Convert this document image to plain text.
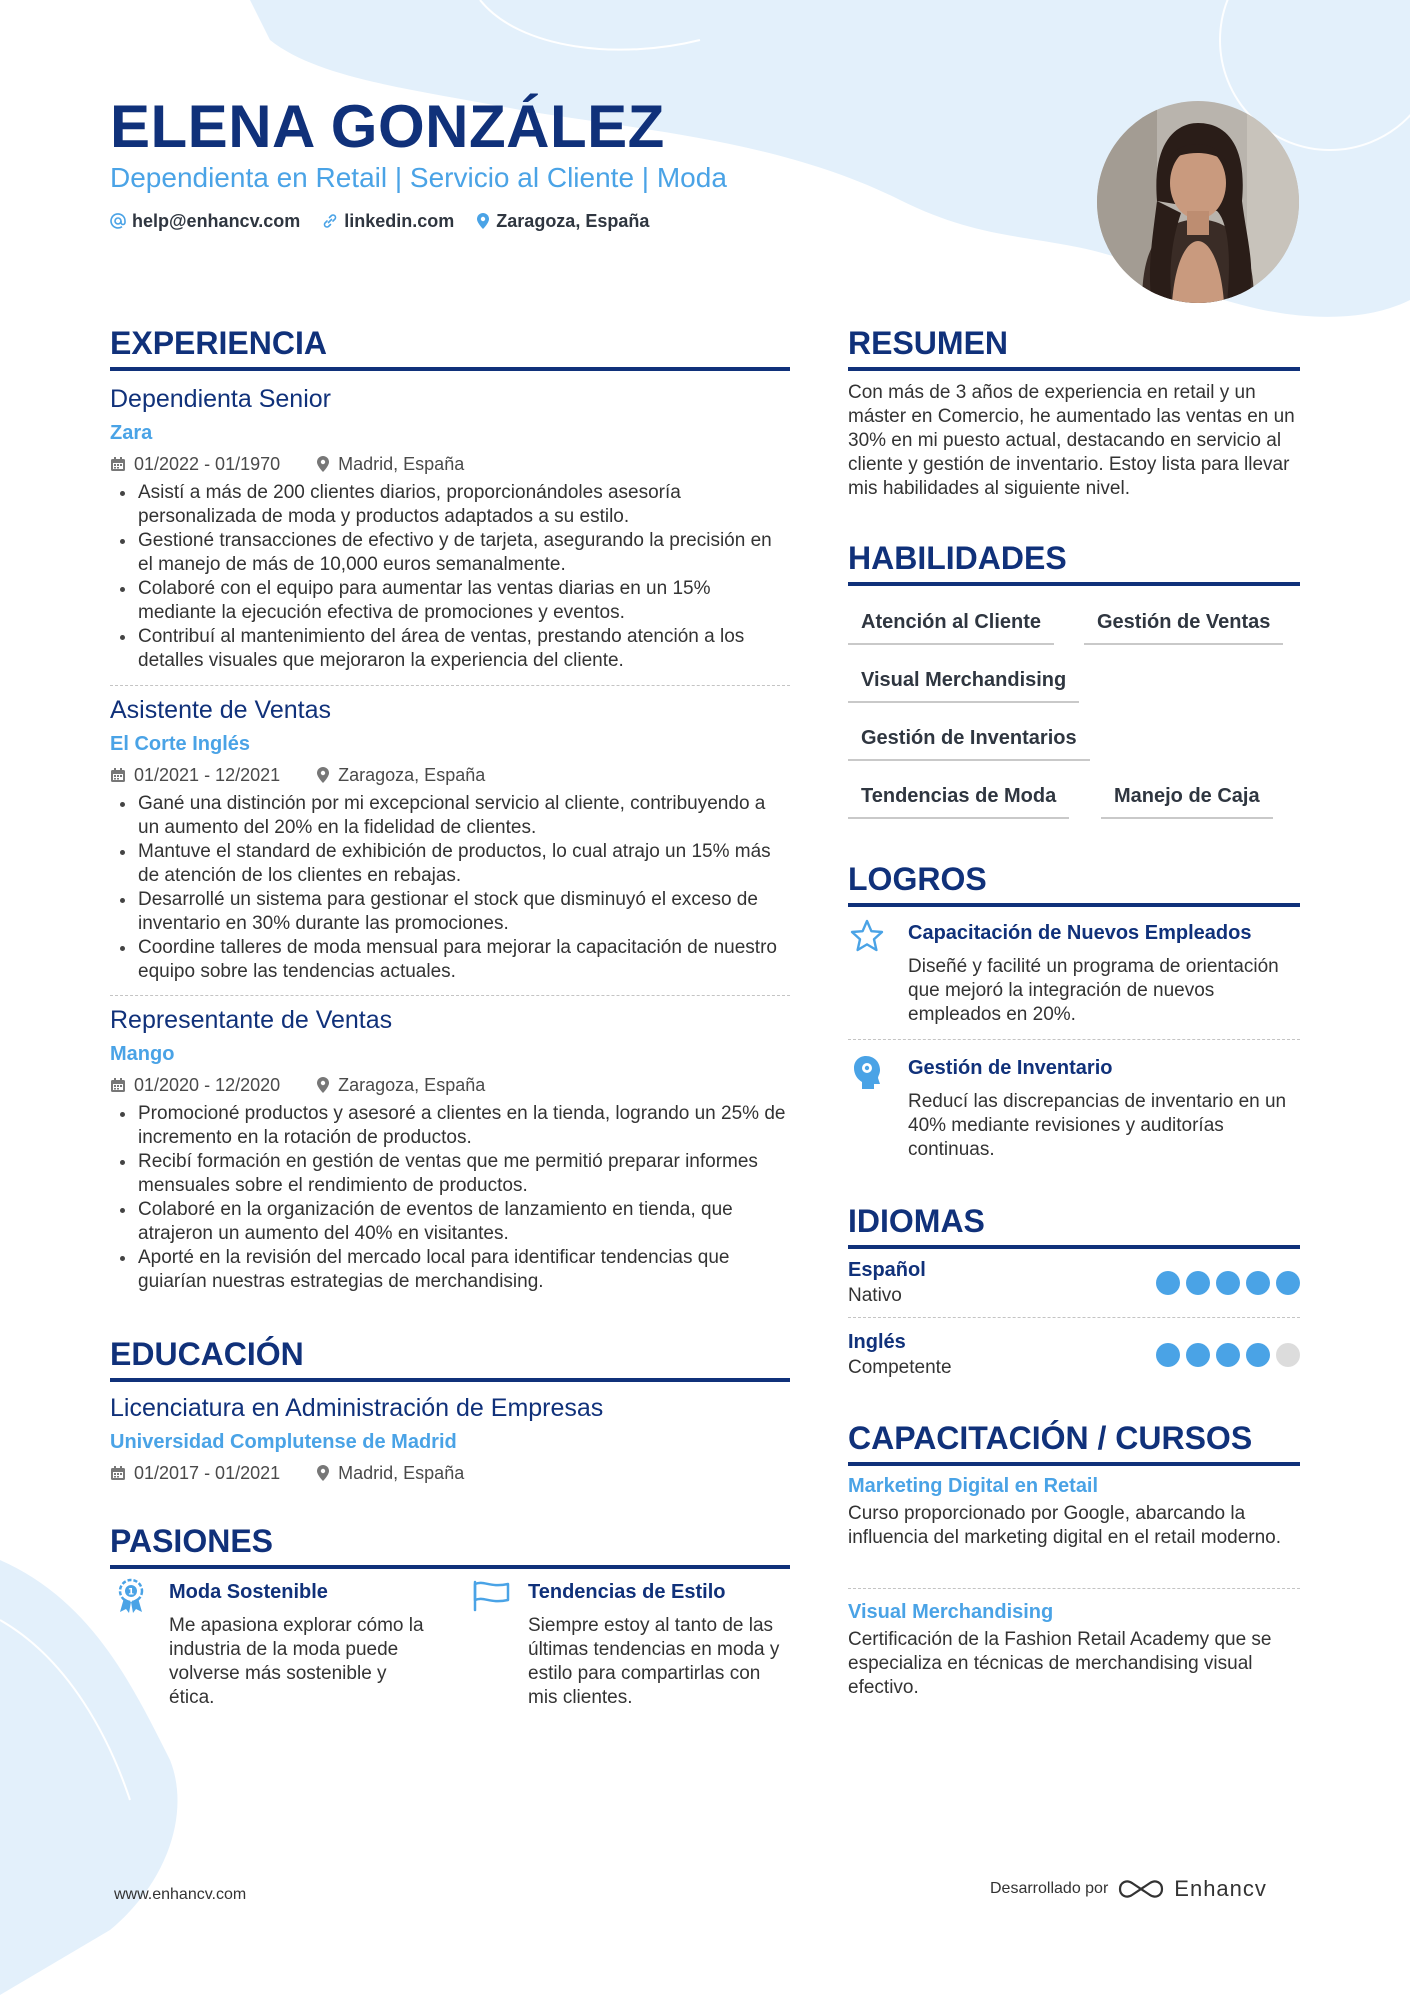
ELENA GONZÁLEZ
Dependienta en Retail | Servicio al Cliente | Moda
help@enhancv.com linkedin.com Zaragoza, España
EXPERIENCIA
Dependienta Senior
Zara
01/2022 - 01/1970	Madrid, España
Asistí a más de 200 clientes diarios, proporcionándoles asesoría personalizada de moda y productos adaptados a su estilo.
Gestioné transacciones de efectivo y de tarjeta, asegurando la precisión en el manejo de más de 10,000 euros semanalmente.
Colaboré con el equipo para aumentar las ventas diarias en un 15% mediante la ejecución efectiva de promociones y eventos.
Contribuí al mantenimiento del área de ventas, prestando atención a los detalles visuales que mejoraron la experiencia del cliente.
Asistente de Ventas
El Corte Inglés
01/2021 - 12/2021	Zaragoza, España
Gané una distinción por mi excepcional servicio al cliente, contribuyendo a un aumento del 20% en la fidelidad de clientes.
Mantuve el standard de exhibición de productos, lo cual atrajo un 15% más de atención de los clientes en rebajas.
Desarrollé un sistema para gestionar el stock que disminuyó el exceso de inventario en 30% durante las promociones.
Coordine talleres de moda mensual para mejorar la capacitación de nuestro equipo sobre las tendencias actuales.
Representante de Ventas
Mango
01/2020 - 12/2020	Zaragoza, España
Promocioné productos y asesoré a clientes en la tienda, logrando un 25% de incremento en la rotación de productos.
Recibí formación en gestión de ventas que me permitió preparar informes mensuales sobre el rendimiento de productos.
Colaboré en la organización de eventos de lanzamiento en tienda, que atrajeron un aumento del 40% en visitantes.
Aporté en la revisión del mercado local para identificar tendencias que guiarían nuestras estrategias de merchandising.
EDUCACIÓN
Licenciatura en Administración de Empresas
Universidad Complutense de Madrid
01/2017 - 01/2021	Madrid, España
PASIONES
1 Moda Sostenible
Me apasiona explorar cómo la industria de la moda puede volverse más sostenible y ética.
Tendencias de Estilo
Siempre estoy al tanto de las últimas tendencias en moda y estilo para compartirlas con mis clientes.
RESUMEN
Con más de 3 años de experiencia en retail y un máster en Comercio, he aumentado las ventas en un 30% en mi puesto actual, destacando en servicio al cliente y gestión de inventario. Estoy lista para llevar mis habilidades al siguiente nivel.
HABILIDADES
Atención al Cliente	Gestión de Ventas
Visual Merchandising
Gestión de Inventarios
Tendencias de Moda	Manejo de Caja
LOGROS
Capacitación de Nuevos Empleados
Diseñé y facilité un programa de orientación que mejoró la integración de nuevos empleados en 20%.
Gestión de Inventario
Reducí las discrepancias de inventario en un 40% mediante revisiones y auditorías continuas.
IDIOMAS
Español
Nativo
Inglés
Competente
CAPACITACIÓN / CURSOS
Marketing Digital en Retail
Curso proporcionado por Google, abarcando la influencia del marketing digital en el retail moderno.
Visual Merchandising
Certificación de la Fashion Retail Academy que se especializa en técnicas de merchandising visual efectivo.
www.enhancv.com	Desarrollado por	Enhancv
